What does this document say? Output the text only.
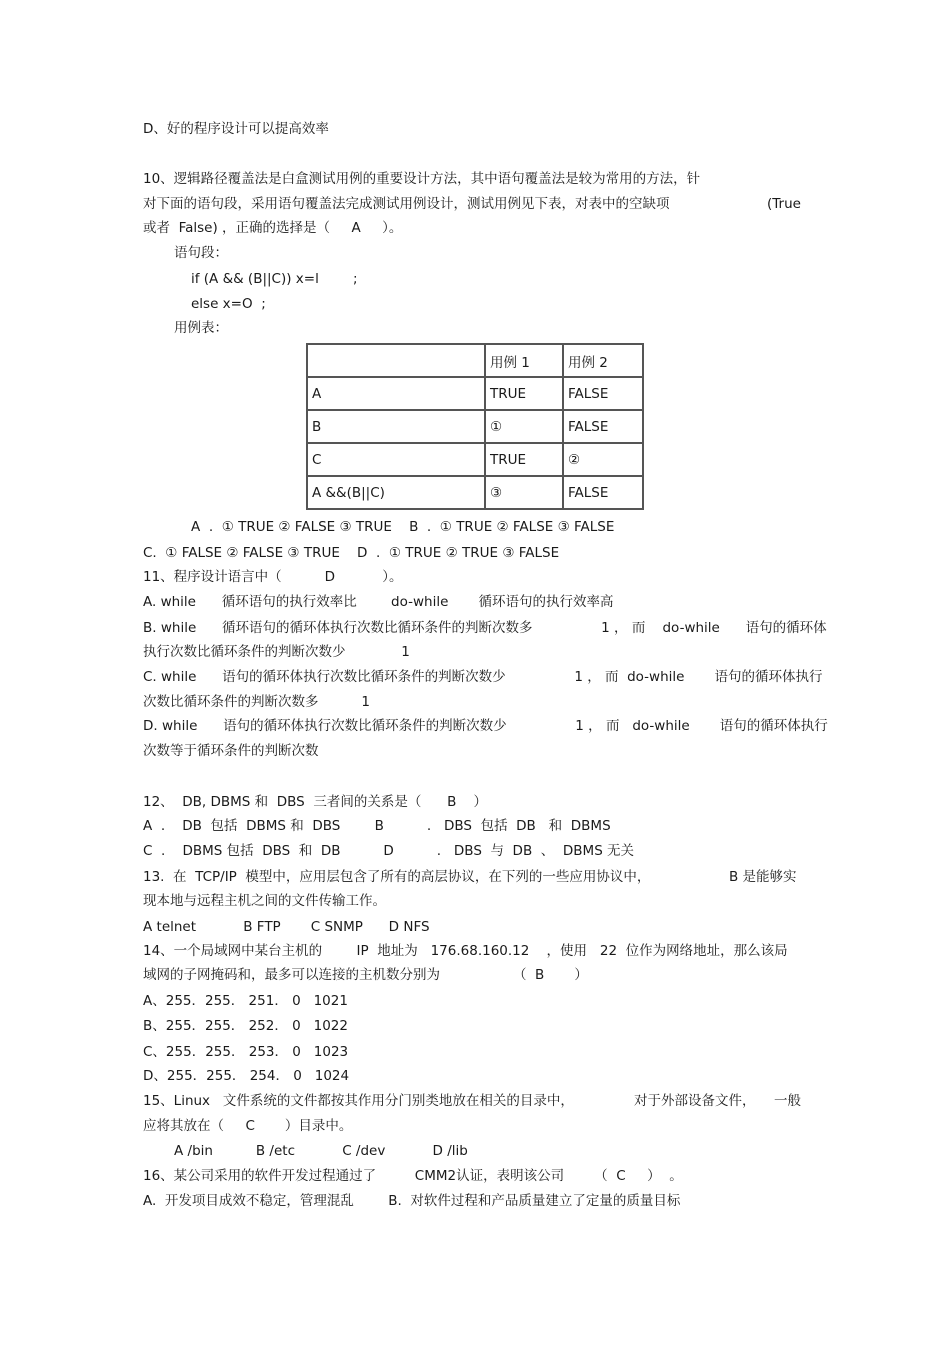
D、好的程序设计可以提高效率
10、逻辑路径覆盖法是白盒测试用例的重要设计方法，其中语句覆盖法是较为常用的方法，针
对下面的语句段，采用语句覆盖法完成测试用例设计，测试用例见下表，对表中的空缺项	(True
或者  False) ，正确的选择是（     A     ）。
语句段：
if (A && (B||C)) x=l	;
else x=O  ;
用例表：
	用例 1	用例 2
A	TRUE	FALSE
B	①	FALSE
C	TRUE	②
A &&(B||C)	③	FALSE
A  .  ① TRUE ② FALSE ③ TRUE    B  .  ① TRUE ② FALSE ③ FALSE
C.  ① FALSE ② FALSE ③ TRUE    D  .  ① TRUE ② TRUE ③ FALSE
11、程序设计语言中（          D           ）。
A. while      循环语句的执行效率比        do-while       循环语句的执行效率高
B. while      循环语句的循环体执行次数比循环条件的判断次数多                1 ， 而    do-while      语句的循环体
执行次数比循环条件的判断次数少             1
C. while      语句的循环体执行次数比循环条件的判断次数少                1 ， 而  do-while       语句的循环体执行
次数比循环条件的判断次数多          1
D. while      语句的循环体执行次数比循环条件的判断次数少                1 ， 而   do-while       语句的循环体执行
次数等于循环条件的判断次数
12、  DB, DBMS 和  DBS  三者间的关系是（      B    ）
A  .    DB  包括  DBMS 和  DBS        B          .   DBS  包括  DB   和  DBMS
C  .    DBMS 包括  DBS  和  DB          D          .   DBS  与  DB  、  DBMS 无关
13.  在  TCP/IP  模型中，应用层包含了所有的高层协议，在下列的一些应用协议中，	B 是能够实
现本地与远程主机之间的文件传输工作。
A telnet           B FTP       C SNMP      D NFS
14、一个局域网中某台主机的        IP  地址为   176.68.160.12    ，使用   22  位作为网络地址，那么该局
域网的子网掩码和，最多可以连接的主机数分别为                 （  B       ）
A、255．255． 251． 0   1021
B、255．255． 252． 0   1022
C、255．255． 253． 0   1023
D、255．255． 254． 0   1024
15、Linux   文件系统的文件都按其作用分门别类地放在相关的目录中，	对于外部设备文件， 一般
应将其放在（     C       ）目录中。
A /bin          B /etc           C /dev           D /lib
16、某公司采用的软件开发过程通过了         CMM2认证，表明该公司       （  C     ）  。
A.  开发项目成效不稳定，管理混乱        B.  对软件过程和产品质量建立了定量的质量目标
